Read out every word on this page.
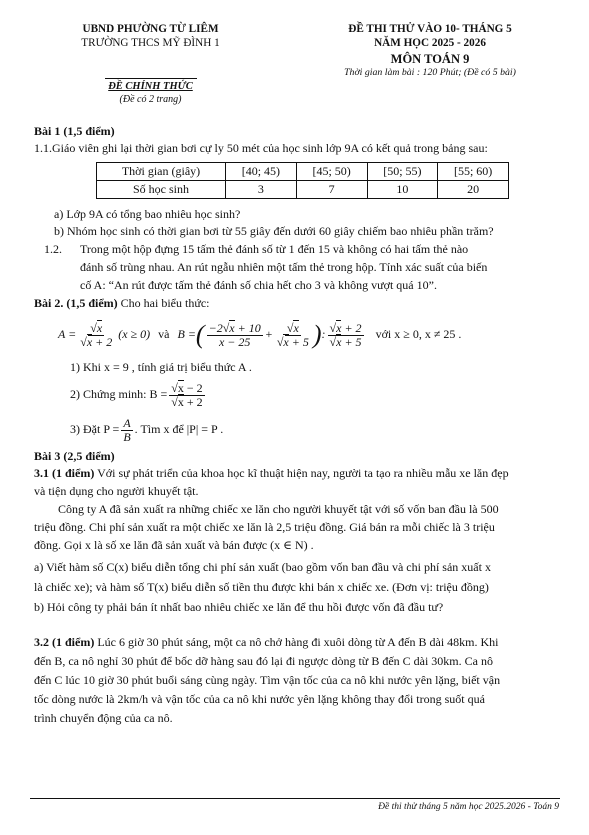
UBND PHƯỜNG TỪ LIÊM
TRƯỜNG THCS MỸ ĐÌNH 1
ĐỀ CHÍNH THỨC
(Đề có 2 trang)
ĐỀ THI THỬ VÀO 10- THÁNG 5
NĂM HỌC 2025 - 2026
MÔN TOÁN 9
Thời gian làm bài : 120 Phút; (Đề có 5 bài)
Bài 1 (1,5 điểm)
1.1.Giáo viên ghi lại thời gian bơi cự ly 50 mét của học sinh lớp 9A có kết quả trong bảng sau:
Thời gian (giây)	[40; 45)	[45; 50)	[50; 55)	[55; 60)
Số học sinh	3	7	10	20
a) Lớp 9A có tổng bao nhiêu học sinh?
b) Nhóm học sinh có thời gian bơi từ 55 giây đến dưới 60 giây chiếm bao nhiêu phần trăm?
1.2.	Trong một hộp đựng 15 tấm thẻ đánh số từ 1 đến 15 và không có hai tấm thẻ nào
đánh số trùng nhau. An rút ngẫu nhiên một tấm thẻ trong hộp. Tính xác suất của biến
cố A: “An rút được tấm thẻ đánh số chia hết cho 3 và không vượt quá 10”.
Bài 2. (1,5 điểm) Cho hai biểu thức:
$A = \frac{√x}{√x + 2} (x \ge 0)$ và B = ( $\frac{-2√x + 10}{x - 25} + \frac{√x}{√x + 5}$ ) : $\frac{√x + 2}{√x + 5}$ với x ≥ 0, x ≠ 25 .
1) Khi x = 9 , tính giá trị biểu thức A .
2) Chứng minh: $B = \frac{√x - 2}{√x + 2}$
3) Đặt $P = \frac{A}{B}$ . Tìm x để |P| = P .
Bài 3 (2,5 điểm)
3.1 (1 điểm) Với sự phát triển của khoa học kĩ thuật hiện nay, người ta tạo ra nhiều mẫu xe lăn đẹp
và tiện dụng cho người khuyết tật.
Công ty A đã sản xuất ra những chiếc xe lăn cho người khuyết tật với số vốn ban đầu là 500
triệu đồng. Chi phí sản xuất ra một chiếc xe lăn là 2,5 triệu đồng. Giá bán ra mỗi chiếc là 3 triệu
đồng. Gọi x là số xe lăn đã sản xuất và bán được (x ∈ N) .
a) Viết hàm số C(x) biểu diễn tổng chi phí sản xuất (bao gồm vốn ban đầu và chi phí sản xuất x
là chiếc xe); và hàm số T(x) biểu diễn số tiền thu được khi bán x chiếc xe. (Đơn vị: triệu đồng)
b) Hỏi công ty phải bán ít nhất bao nhiêu chiếc xe lăn để thu hồi được vốn đã đầu tư?
3.2 (1 điểm) Lúc 6 giờ 30 phút sáng, một ca nô chở hàng đi xuôi dòng từ A đến B dài 48km. Khi
đến B, ca nô nghỉ 30 phút để bốc dỡ hàng sau đó lại đi ngược dòng từ B đến C dài 30km. Ca nô
đến C lúc 10 giờ 30 phút buổi sáng cùng ngày. Tìm vận tốc của ca nô khi nước yên lặng, biết vận
tốc dòng nước là 2km/h và vận tốc của ca nô khi nước yên lặng không thay đổi trong suốt quá
trình chuyển động của ca nô.
Đề thi thử tháng 5 năm học 2025.2026 - Toán 9
